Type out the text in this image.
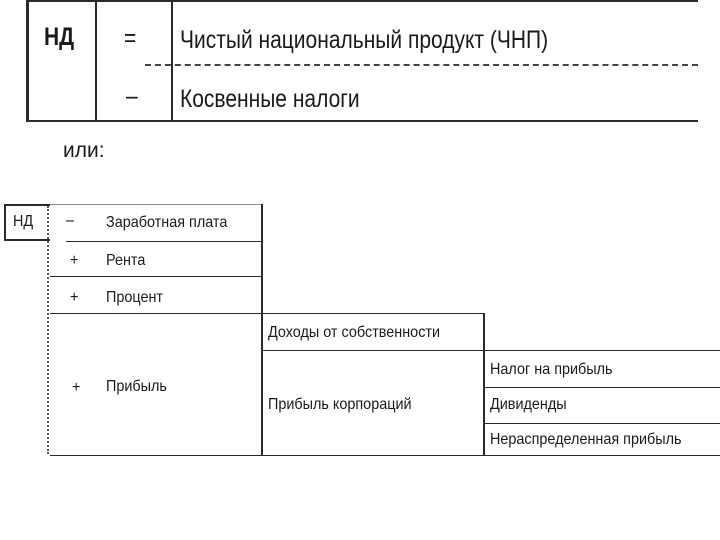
НД = Чистый национальный продукт (ЧНП)
– Косвенные налоги
или:
НД –
+
+
+
Заработная плата
Рента
Процент
Прибыль
Доходы от собственности
Прибыль корпораций
Налог на прибыль
Дивиденды
Нераспределенная прибыль
